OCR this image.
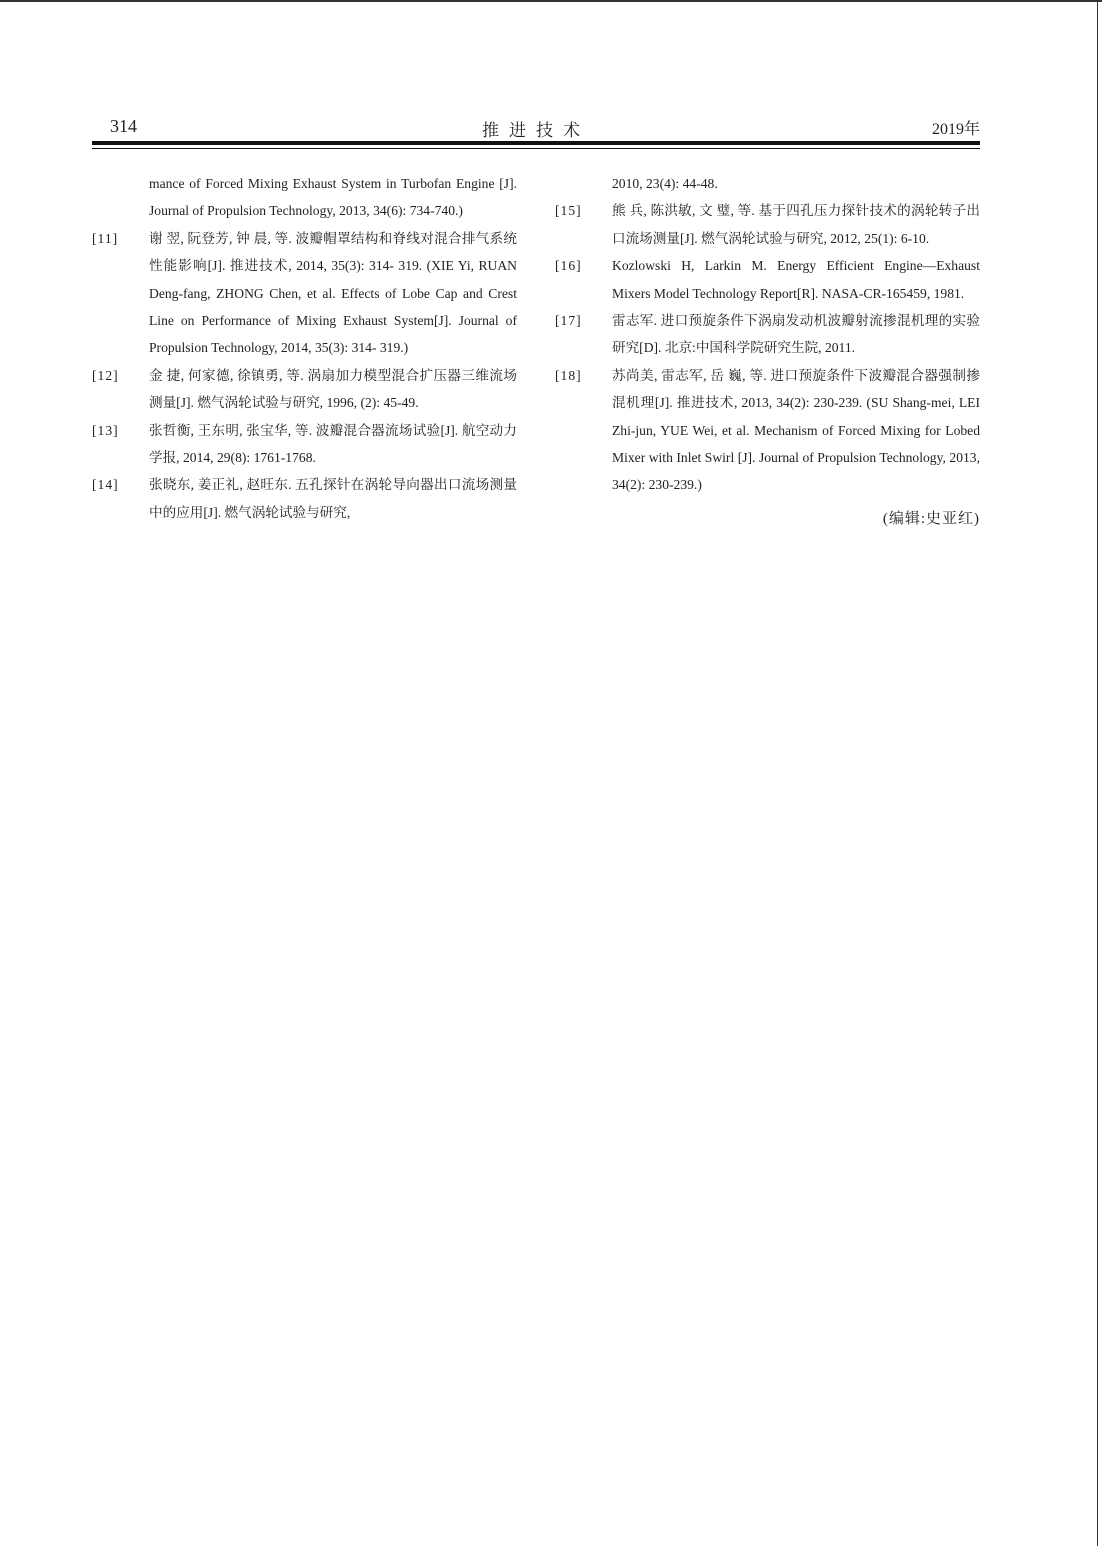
314	推进技术	2019年
mance of Forced Mixing Exhaust System in Turbofan Engine [J]. Journal of Propulsion Technology, 2013, 34(6): 734-740.)
[11] 谢 翌, 阮登芳, 钟 晨, 等. 波瓣帽罩结构和脊线对混合排气系统性能影响[J]. 推进技术, 2014, 35(3): 314- 319. (XIE Yi, RUAN Deng-fang, ZHONG Chen, et al. Effects of Lobe Cap and Crest Line on Performance of Mixing Exhaust System[J]. Journal of Propulsion Technology, 2014, 35(3): 314- 319.)
[12] 金 捷, 何家德, 徐镇勇, 等. 涡扇加力模型混合扩压器三维流场测量[J]. 燃气涡轮试验与研究, 1996, (2): 45-49.
[13] 张哲衡, 王东明, 张宝华, 等. 波瓣混合器流场试验[J]. 航空动力学报, 2014, 29(8): 1761-1768.
[14] 张晓东, 姜正礼, 赵旺东. 五孔探针在涡轮导向器出口流场测量中的应用[J]. 燃气涡轮试验与研究,
2010, 23(4): 44-48.
[15] 熊 兵, 陈洪敏, 文 璧, 等. 基于四孔压力探针技术的涡轮转子出口流场测量[J]. 燃气涡轮试验与研究, 2012, 25(1): 6-10.
[16] Kozlowski H, Larkin M. Energy Efficient Engine—Exhaust Mixers Model Technology Report[R]. NASA-CR-165459, 1981.
[17] 雷志军. 进口预旋条件下涡扇发动机波瓣射流掺混机理的实验研究[D]. 北京:中国科学院研究生院, 2011.
[18] 苏尚美, 雷志军, 岳 巍, 等. 进口预旋条件下波瓣混合器强制掺混机理[J]. 推进技术, 2013, 34(2): 230-239. (SU Shang-mei, LEI Zhi-jun, YUE Wei, et al. Mechanism of Forced Mixing for Lobed Mixer with Inlet Swirl [J]. Journal of Propulsion Technology, 2013, 34(2): 230-239.)
(编辑:史亚红)
